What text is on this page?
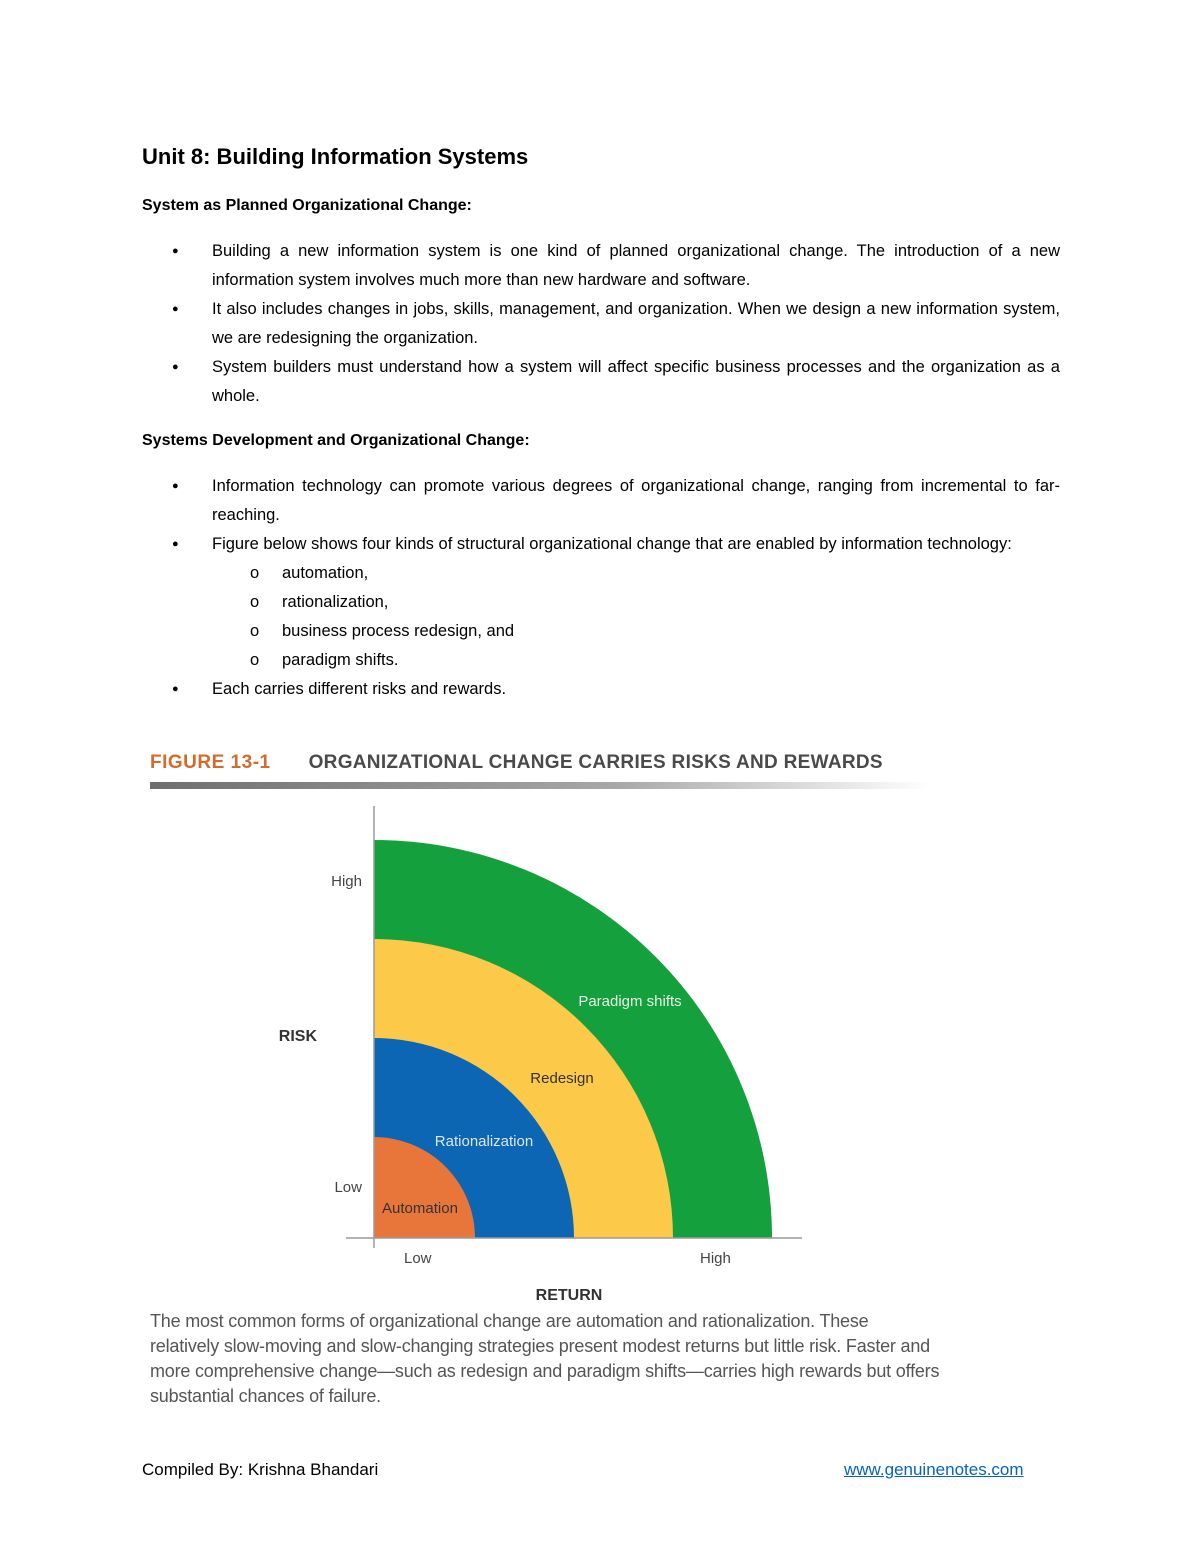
Unit 8: Building Information Systems
System as Planned Organizational Change:
● Building a new information system is one kind of planned organizational change. The introduction of a new information system involves much more than new hardware and software.
● It also includes changes in jobs, skills, management, and organization. When we design a new information system, we are redesigning the organization.
● System builders must understand how a system will affect specific business processes and the organization as a whole.
Systems Development and Organizational Change:
● Information technology can promote various degrees of organizational change, ranging from incremental to far-reaching.
● Figure below shows four kinds of structural organizational change that are enabled by information technology:
o automation,
o rationalization,
o business process redesign, and
o paradigm shifts.
● Each carries different risks and rewards.
FIGURE 13-1 ORGANIZATIONAL CHANGE CARRIES RISKS AND REWARDS
Automation
Rationalization
Redesign
Paradigm shifts
High
Low
RISK
Low	High
RETURN
The most common forms of organizational change are automation and rationalization. These relatively slow-moving and slow-changing strategies present modest returns but little risk. Faster and more comprehensive change—such as redesign and paradigm shifts—carries high rewards but offers substantial chances of failure.
Compiled By: Krishna Bhandari	www.genuinenotes.com
